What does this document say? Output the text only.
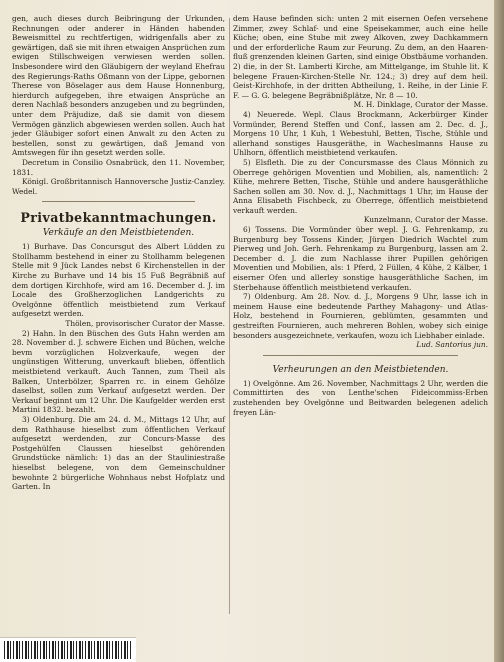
gen, auch dieses durch Beibringung der Urkunden, Rechnungen oder anderer in Händen habenden Beweismittel zu rechtfertigen, widrigenfalls aber zu gewärtigen, daß sie mit ihren etwaigen Ansprüchen zum ewigen Stillschweigen verwiesen werden sollen. Insbesondere wird den Gläubigern der weyland Ehefrau des Regierungs-Raths Oßmann von der Lippe, gebornen Therese von Böselager aus dem Hause Honnenburg, hierdurch aufgegeben, ihre etwaigen Ansprüche an deren Nachlaß besonders anzugeben und zu begründen, unter dem Präjudize, daß sie damit von diesem Vermögen gänzlich abgewiesen werden sollen. Auch hat jeder Gläubiger sofort einen Anwalt zu den Acten zu bestellen, sonst zu gewärtigen, daß Jemand von Amtswegen für ihn gesetzt werden solle.

Decretum in Consilio Osnabrück, den 11. November, 1831.

Königl. Großbritannisch Hannoversche Justiz-Canzley. Wedel.

Privatbekanntmachungen.
Verkäufe an den Meistbietenden.

1) Burhave. Das Concursgut des Albert Lüdden zu Stollhamm bestehend in einer zu Stollhamm belegenen Stelle mit 9 Jück Landes nebst 6 Kirchenstellen in der Kirche zu Burhave und 14 bis 15 Fuß Begräbniß auf dem dortigen Kirchhofe, wird am 16. December d. J. im Locale des Großherzoglichen Landgerichts zu Ovelgönne öffentlich meistbietend zum Verkauf aufgesetzt werden.

Thölen, provisorischer Curator der Masse.

2) Hahn. In den Büschen des Guts Hahn werden am 28. November d. J. schwere Eichen und Büchen, welche bevm vorzüglichen Holzverkaufe, wegen der ungünstigen Witterung, unverkauft blieben, öffentlich meistbietend verkauft. Auch Tannen, zum Theil als Balken, Unterbölzer, Sparren rc. in einem Gehölze daselbst, sollen zum Verkauf aufgesetzt werden. Der Verkauf beginnt um 12 Uhr. Die Kaufgelder werden erst Martini 1832. bezahlt.

3) Oldenburg. Die am 24. d. M., Mittags 12 Uhr, auf dem Rathhause hieselbst zum öffentlichen Verkauf aufgesetzt werdenden, zur Concurs-Masse des Postgehülfen Claussen hieselbst gehörenden Grundstücke nämlich: 1) das an der Stauliniestraße hieselbst belegene, von dem Gemeinschuldner bewohnte 2 bürgerliche Wohnhaus nebst Hofplatz und Garten. In

dem Hause befinden sich: unten 2 mit eisernen Oefen versehene Zimmer, zwey Schlaf- und eine Speisekammer, auch eine helle Küche; oben, eine Stube mit zwey Alkoven, zwey Dachkammern und der erforderliche Raum zur Feurung. Zu dem, an den Haaren-fluß grenzenden kleinen Garten, sind einige Obstbäume vorhanden. 2) die, in der St. Lamberti Kirche, am Mittelgange, im Stuhle lit. K belegene Frauen-Kirchen-Stelle Nr. 124.; 3) drey auf dem heil. Geist-Kirchhofe, in der dritten Abtheilung, 1. Reihe, in der Linie F. F. — G. G. belegene Begräbnißplätze, Nr. 8 — 10.

M. H. Dinklage, Curator der Masse.

4) Neuerede. Wepl. Claus Brockmann, Ackerbürger Kinder Vormünder, Berend Steffen und Conf., lassen am 2. Dec. d. J., Morgens 10 Uhr, 1 Kuh, 1 Webestuhl, Betten, Tische, Stühle und allerhand sonstiges Hausgeräthe, in Wacheslmanns Hause zu Uhlhorn, öffentlich meistbietend verkaufen.

5) Elsfleth. Die zu der Concursmasse des Claus Mönnich zu Oberrege gehörigen Moventien und Mobilien, als, namentlich: 2 Kühe, mehrere Betten, Tische, Stühle und andere hausgeräthliche Sachen sollen am 30. Nov. d. J., Nachmittags 1 Uhr, im Hause der Anna Elisabeth Fischbeck, zu Oberrege, öffentlich meistbietend verkauft werden.

Kunzelmann, Curator der Masse.

6) Tossens. Die Vormünder über wepl. J. G. Fehrenkamp, zu Burgenburg bey Tossens Kinder, Jürgen Diedrich Wachtel zum Pierweg und Joh. Gerh. Fehrenkamp zu Burgenburg, lassen am 2. December d. J. die zum Nachlasse ihrer Pupillen gehörigen Moventien und Mobilien, als: 1 Pferd, 2 Füllen, 4 Kühe, 2 Kälber, 1 eiserner Ofen und allerley sonstige hausgeräthliche Sachen, im Sterbehause öffentlich meistbietend verkaufen.

7) Oldenburg. Am 28. Nov. d. J., Morgens 9 Uhr, lasse ich in meinem Hause eine bedeutende Parthey Mahagony- und Atlas-Holz, bestehend in Fournieren, geblümten, gesammten und gestreiften Fournieren, auch mehreren Bohlen, wobey sich einige besonders ausgezeichnete, verkaufen, wozu ich Liebhaber einlade.

Lud. Santorius jun.

Verheurungen an den Meistbietenden.

1) Ovelgönne. Am 26. November, Nachmittags 2 Uhr, werden die Committirten des von Lenthe'schen Fideicommiss-Erben zustehenden bey Ovelgönne und Beitwarden belegenen adelich freyen Län-
